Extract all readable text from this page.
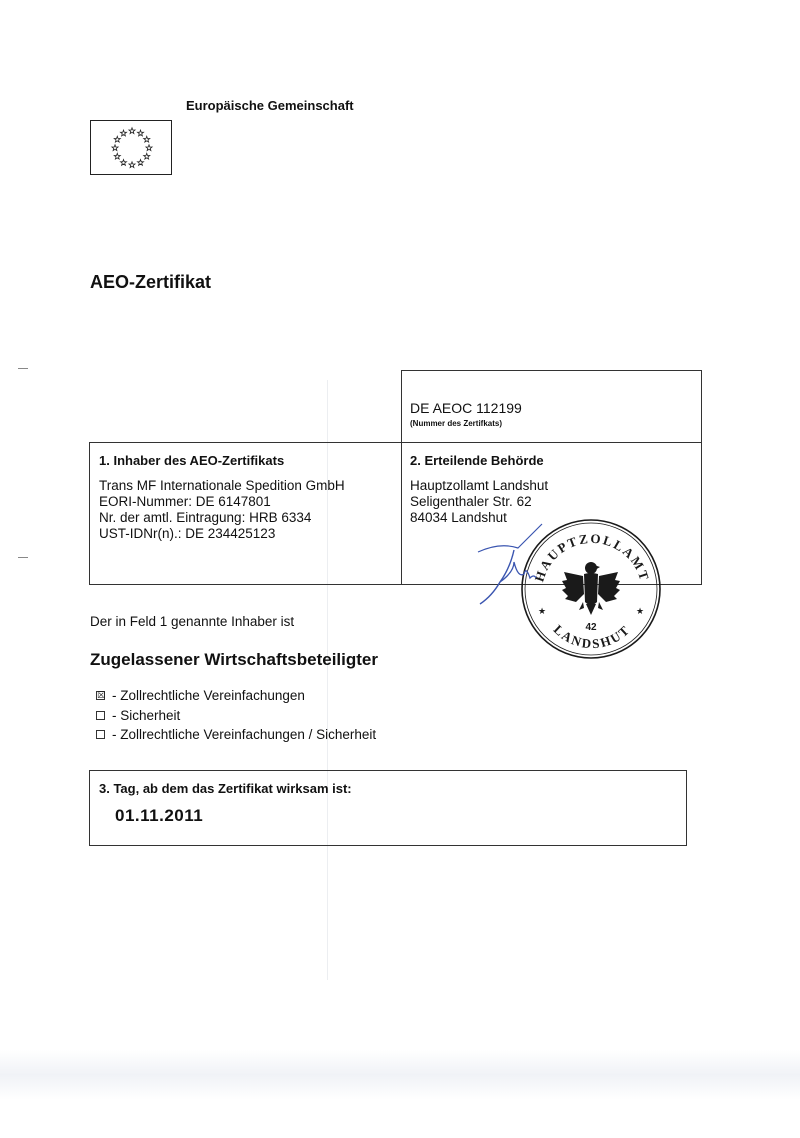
Europäische Gemeinschaft
AEO-Zertifikat
DE AEOC 112199
(Nummer des Zertifkats)
1. Inhaber des AEO-Zertifikats
Trans MF Internationale Spedition GmbH
EORI-Nummer: DE 6147801
Nr. der amtl. Eintragung: HRB 6334
UST-IDNr(n).: DE 234425123
2. Erteilende Behörde
Hauptzollamt Landshut
Seligenthaler Str. 62
84034 Landshut
HAUPTZOLLAMT
LANDSHUT
42
★	★
Der in Feld 1 genannte Inhaber ist
Zugelassener Wirtschaftsbeteiligter
☒ - Zollrechtliche Vereinfachungen
- Sicherheit
- Zollrechtliche Vereinfachungen / Sicherheit
3. Tag, ab dem das Zertifikat wirksam ist:
01.11.2011
